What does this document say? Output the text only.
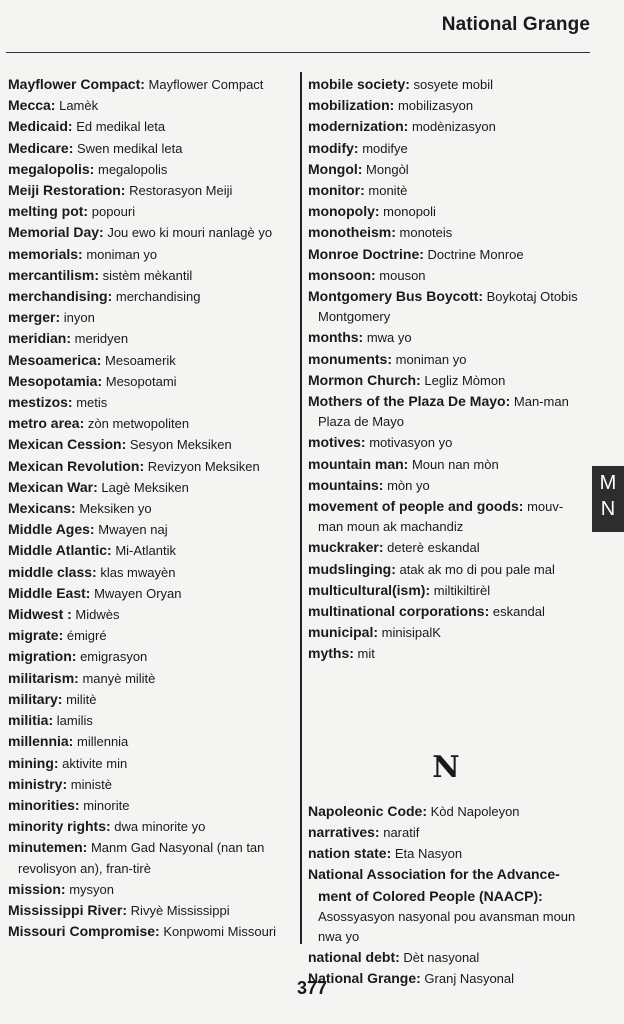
National Grange
Mayflower Compact: Mayflower Compact
Mecca: Lamèk
Medicaid: Ed medikal leta
Medicare: Swen medikal leta
megalopolis: megalopolis
Meiji Restoration: Restorasyon Meiji
melting pot: popouri
Memorial Day: Jou ewo ki mouri nanlagè yo
memorials: moniman yo
mercantilism: sistèm mèkantil
merchandising: merchandising
merger: inyon
meridian: meridyen
Mesoamerica: Mesoamerik
Mesopotamia: Mesopotami
mestizos: metis
metro area: zòn metwopoliten
Mexican Cession: Sesyon Meksiken
Mexican Revolution: Revizyon Meksiken
Mexican War: Lagè Meksiken
Mexicans: Meksiken yo
Middle Ages: Mwayen naj
Middle Atlantic: Mi-Atlantik
middle class: klas mwayèn
Middle East: Mwayen Oryan
Midwest : Midwès
migrate: émigré
migration: emigrasyon
militarism: manyè militè
military: militè
militia: lamilis
millennia: millennia
mining: aktivite min
ministry: ministè
minorities: minorite
minority rights: dwa minorite yo
minutemen: Manm Gad Nasyonal (nan tan revolisyon an), fran-tirè
mission: mysyon
Mississippi River: Rivyè Mississippi
Missouri Compromise: Konpwomi Missouri
mobile society: sosyete mobil
mobilization: mobilizasyon
modernization: modènizasyon
modify: modifye
Mongol: Mongòl
monitor: monitè
monopoly: monopoli
monotheism: monoteis
Monroe Doctrine: Doctrine Monroe
monsoon: mouson
Montgomery Bus Boycott: Boykotaj Otobis Montgomery
months: mwa yo
monuments: moniman yo
Mormon Church: Legliz Mòmon
Mothers of the Plaza De Mayo: Man-man Plaza de Mayo
motives: motivasyon yo
mountain man: Moun nan mòn
mountains: mòn yo
movement of people and goods: mouv-man moun ak machandiz
muckraker: deterè eskandal
mudslinging: atak ak mo di pou pale mal
multicultural(ism): miltikiltirèl
multinational corporations: eskandal
municipal: minisipalK
myths: mit
N
Napoleonic Code: Kòd Napoleyon
narratives: naratif
nation state: Eta Nasyon
National Association for the Advance-ment of Colored People (NAACP): Asossyasyon nasyonal pou avansman moun nwa yo
national debt: Dèt nasyonal
National Grange: Granj Nasyonal
M
N
377
